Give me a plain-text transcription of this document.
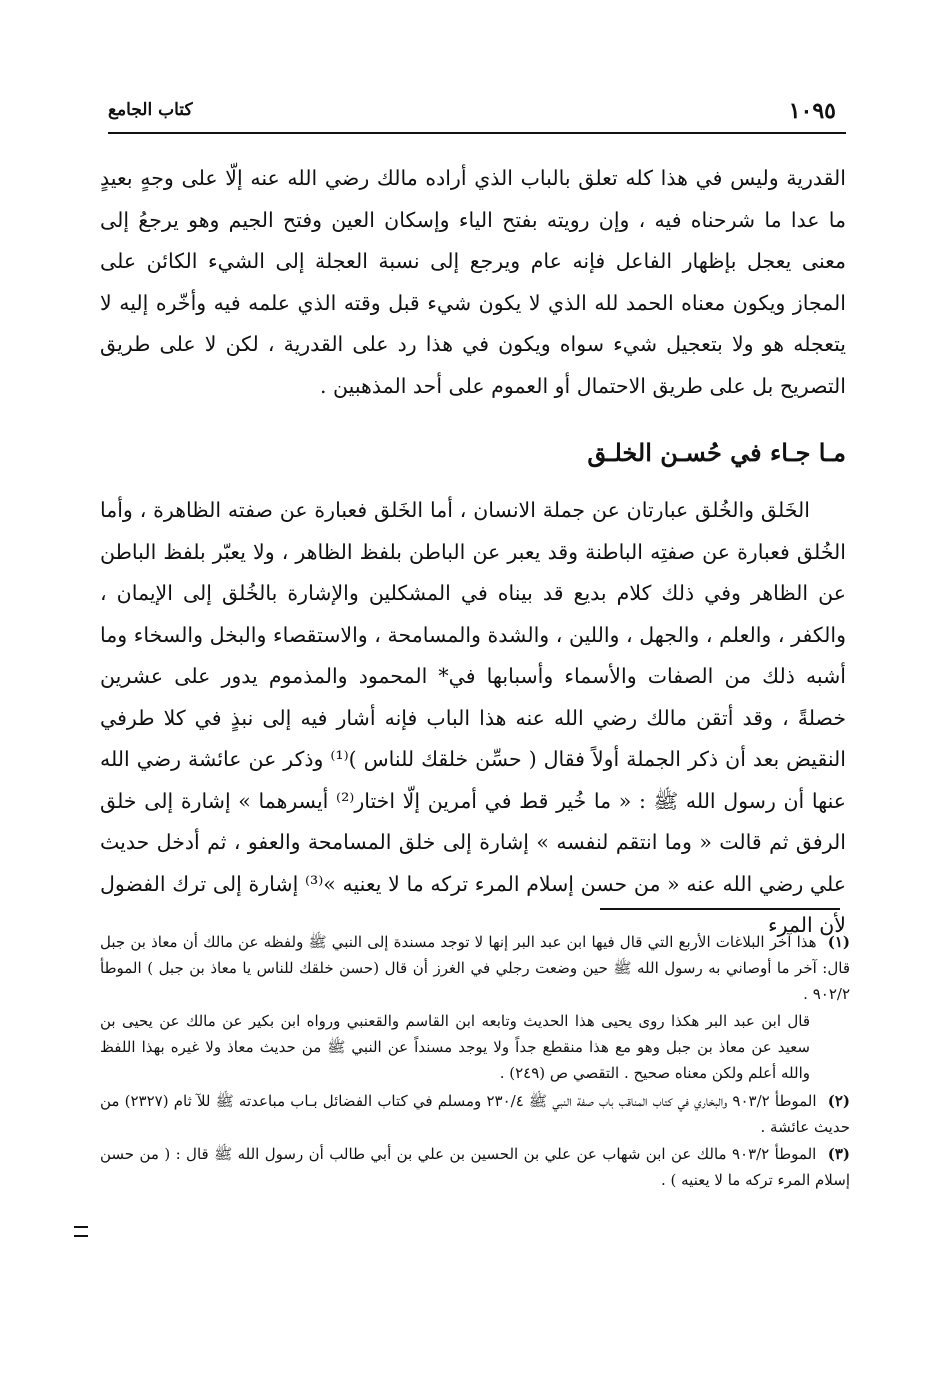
١٠٩٥
كتاب الجامع

القدرية وليس في هذا كله تعلق بالباب الذي أراده مالك رضي الله عنه إلّا على وجهٍ بعيدٍ ما عدا ما شرحناه فيه ، وإن رويته بفتح الياء وإسكان العين وفتح الجيم وهو يرجعُ إلى معنى يعجل بإظهار الفاعل فإنه عام ويرجع إلى نسبة العجلة إلى الشيء الكائن على المجاز ويكون معناه الحمد لله الذي لا يكون شيء قبل وقته الذي علمه فيه وأخّره إليه لا يتعجله هو ولا بتعجيل شيء سواه ويكون في هذا رد على القدرية ، لكن لا على طريق التصريح بل على طريق الاحتمال أو العموم على أحد المذهبين .

مـا جـاء في حُسـن الخلـق

الخَلق والخُلق عبارتان عن جملة الانسان ، أما الخَلق فعبارة عن صفته الظاهرة ، وأما الخُلق فعبارة عن صفتِه الباطنة وقد يعبر عن الباطن بلفظ الظاهر ، ولا يعبّر بلفظ الباطن عن الظاهر وفي ذلك كلام بديع قد بيناه في المشكلين والإشارة بالخُلق إلى الإيمان ، والكفر ، والعلم ، والجهل ، واللين ، والشدة والمسامحة ، والاستقصاء والبخل والسخاء وما أشبه ذلك من الصفات والأسماء وأسبابها في* المحمود والمذموم يدور على عشرين خصلةً ، وقد أتقن مالك رضي الله عنه هذا الباب فإنه أشار فيه إلى نبذٍ في كلا طرفي النقيض بعد أن ذكر الجملة أولاً فقال ( حسِّن خلقك للناس )⁽¹⁾ وذكر عن عائشة رضي الله عنها أن رسول الله ﷺ : « ما خُير قط في أمرين إلّا اختار⁽²⁾ أيسرهما » إشارة إلى خلق الرفق ثم قالت « وما انتقم لنفسه » إشارة إلى خلق المسامحة والعفو ، ثم أدخل حديث علي رضي الله عنه « من حسن إسلام المرء تركه ما لا يعنيه »⁽³⁾ إشارة إلى ترك الفضول لأن المرء

(١) هذا آخر البلاغات الأربع التي قال فيها ابن عبد البر إنها لا توجد مسندة إلى النبي ﷺ ولفظه عن مالك أن معاذ بن جبل قال: آخر ما أوصاني به رسول الله ﷺ حين وضعت رجلي في الغرز أن قال (حسن خلقك للناس يا معاذ بن جبل ) الموطأ ٩٠٢/٢ .
قال ابن عبد البر هكذا روى يحيى هذا الحديث وتابعه ابن القاسم والقعنبي ورواه ابن بكير عن مالك عن يحيى بن سعيد عن معاذ بن جبل وهو مع هذا منقطع جداً ولا يوجد مسنداً عن النبي ﷺ من حديث معاذ ولا غيره بهذا اللفظ والله أعلم ولكن معناه صحيح . التقصي ص (٢٤٩) .
(٢) الموطأ ٩٠٣/٢ والبخاري في كتاب المناقب باب صفة النبي ﷺ ٢٣٠/٤ ومسلم في كتاب الفضائل بـاب مباعدته ﷺ للآ ثام (٢٣٢٧) من حديث عائشة .
(٣) الموطأ ٩٠٣/٢ مالك عن ابن شهاب عن علي بن الحسين بن علي بن أبي طالب أن رسول الله ﷺ قال : ( من حسن إسلام المرء تركه ما لا يعنيه ) .
